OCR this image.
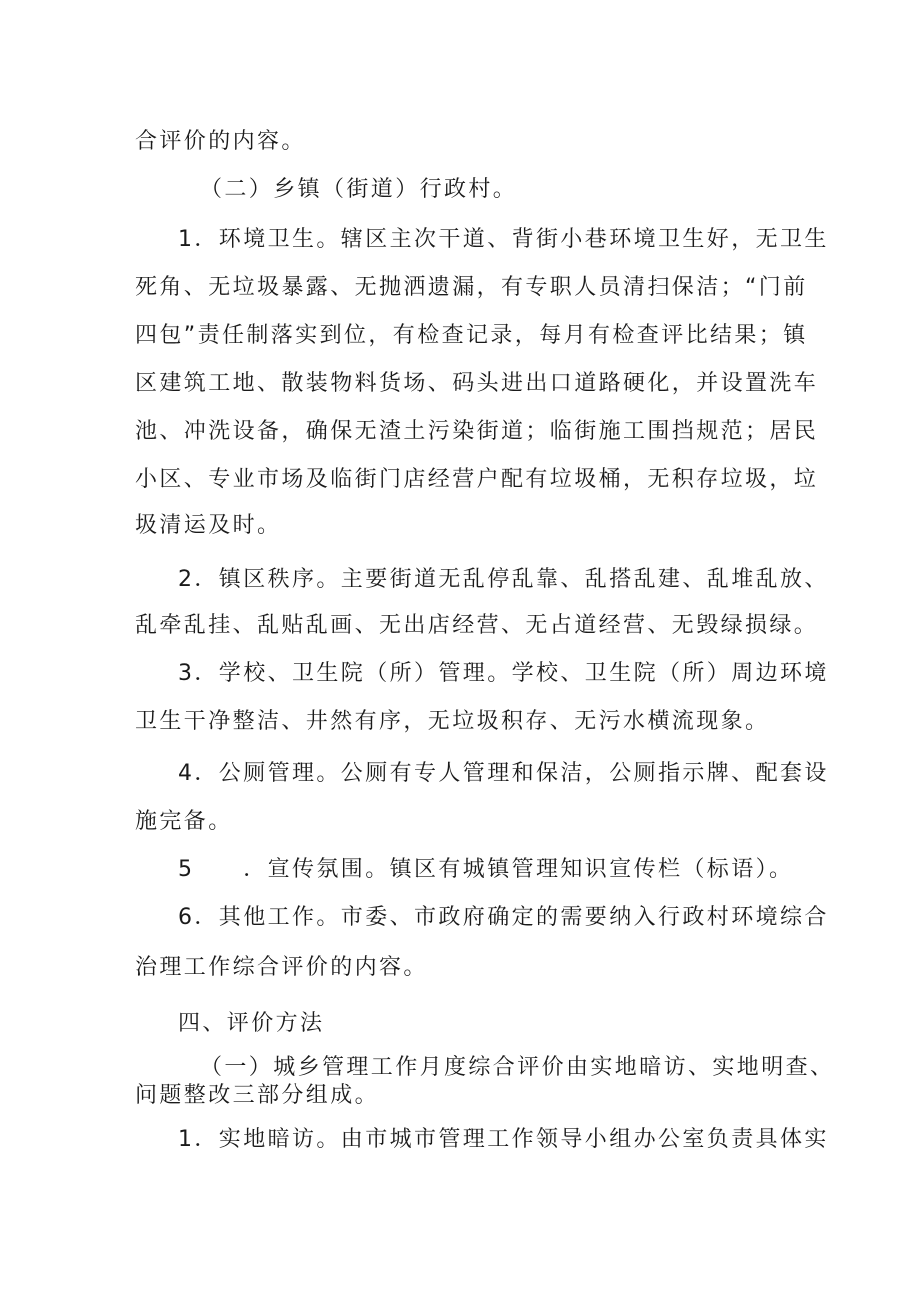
合评价的内容。
（二）乡镇（街道）行政村。
1．环境卫生。辖区主次干道、背街小巷环境卫生好，无卫生
死角、无垃圾暴露、无抛洒遗漏，有专职人员清扫保洁；“门前
四包”责任制落实到位，有检查记录，每月有检查评比结果；镇
区建筑工地、散装物料货场、码头进出口道路硬化，并设置洗车
池、冲洗设备，确保无渣土污染街道；临街施工围挡规范；居民
小区、专业市场及临街门店经营户配有垃圾桶，无积存垃圾，垃
圾清运及时。
2．镇区秩序。主要街道无乱停乱靠、乱搭乱建、乱堆乱放、
乱牵乱挂、乱贴乱画、无出店经营、无占道经营、无毁绿损绿。
3．学校、卫生院（所）管理。学校、卫生院（所）周边环境
卫生干净整洁、井然有序，无垃圾积存、无污水横流现象。
4．公厕管理。公厕有专人管理和保洁，公厕指示牌、配套设
施完备。
5　　．宣传氛围。镇区有城镇管理知识宣传栏（标语）。
6．其他工作。市委、市政府确定的需要纳入行政村环境综合
治理工作综合评价的内容。
四、评价方法
（一）城乡管理工作月度综合评价由实地暗访、实地明查、
问题整改三部分组成。
1．实地暗访。由市城市管理工作领导小组办公室负责具体实
